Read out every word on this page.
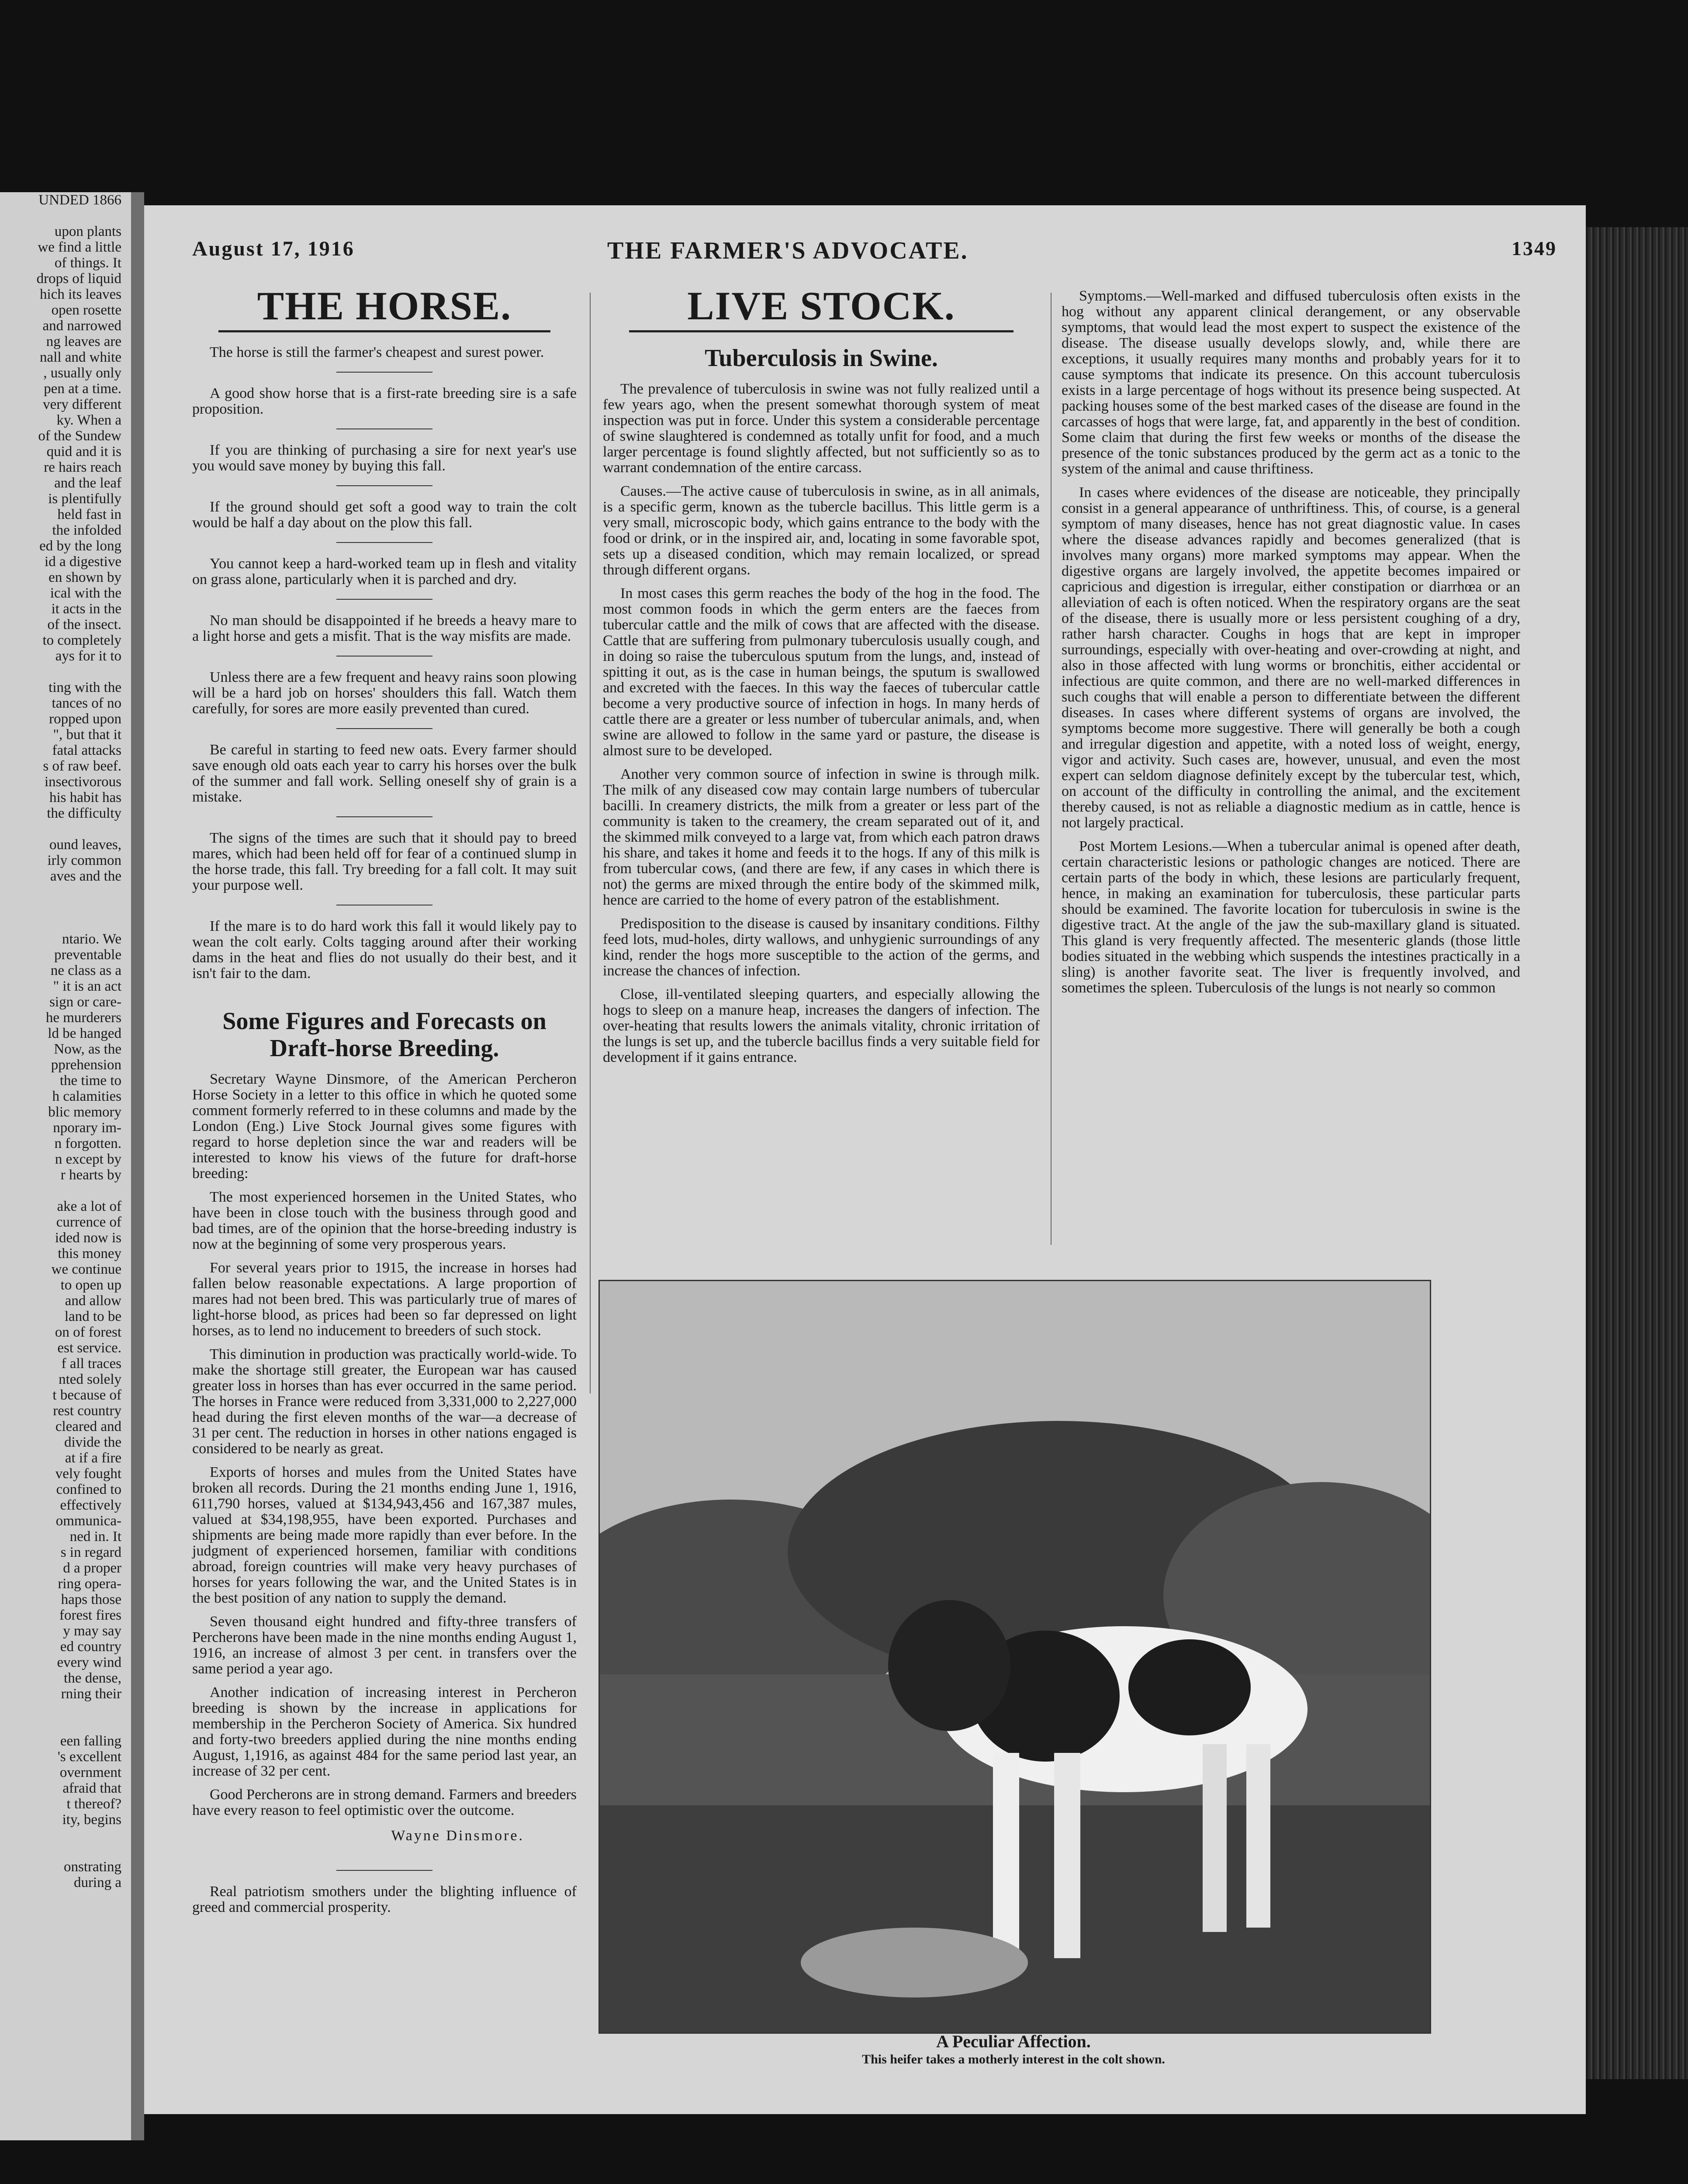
UNDED 1866

upon plants
we find a little
of things. It
drops of liquid
hich its leaves
open rosette
and narrowed
ng leaves are
nall and white
, usually only
pen at a time.
very different
ky. When a
of the Sundew
quid and it is
re hairs reach
and the leaf
is plentifully
held fast in
the infolded
ed by the long
id a digestive
en shown by
ical with the
it acts in the
of the insect.
to completely
ays for it to

ting with the
tances of no
ropped upon
", but that it
fatal attacks
s of raw beef.
insectivorous
his habit has
the difficulty

ound leaves,
irly common
aves and the

ntario. We
preventable
ne class as a
" it is an act
sign or care-
he murderers
ld be hanged
Now, as the
pprehension
the time to
h calamities
blic memory
nporary im-
n forgotten.
n except by
r hearts by

ake a lot of
currence of
ided now is
this money
we continue
to open up
and allow
land to be
on of forest
est service.
f all traces
nted solely
t because of
rest country
cleared and
divide the
at if a fire
vely fought
confined to
effectively
ommunica-
ned in. It
s in regard
d a proper
ring opera-
haps those
forest fires
y may say
ed country
every wind
the dense,
rning their

een falling
's excellent
overnment
afraid that
t thereof?
ity, begins

onstrating
during a
August 17, 1916	THE FARMER'S ADVOCATE.	1349
THE HORSE.

The horse is still the farmer's cheapest and surest power.

A good show horse that is a first-rate breeding sire is a safe proposition.

If you are thinking of purchasing a sire for next year's use you would save money by buying this fall.

If the ground should get soft a good way to train the colt would be half a day about on the plow this fall.

You cannot keep a hard-worked team up in flesh and vitality on grass alone, particularly when it is parched and dry.

No man should be disappointed if he breeds a heavy mare to a light horse and gets a misfit. That is the way misfits are made.

Unless there are a few frequent and heavy rains soon plowing will be a hard job on horses' shoulders this fall. Watch them carefully, for sores are more easily prevented than cured.

Be careful in starting to feed new oats. Every farmer should save enough old oats each year to carry his horses over the bulk of the summer and fall work. Selling oneself shy of grain is a mistake.

The signs of the times are such that it should pay to breed mares, which had been held off for fear of a continued slump in the horse trade, this fall. Try breeding for a fall colt. It may suit your purpose well.

If the mare is to do hard work this fall it would likely pay to wean the colt early. Colts tagging around after their working dams in the heat and flies do not usually do their best, and it isn't fair to the dam.

Some Figures and Forecasts on Draft-horse Breeding.

Secretary Wayne Dinsmore, of the American Percheron Horse Society in a letter to this office in which he quoted some comment formerly referred to in these columns and made by the London (Eng.) Live Stock Journal gives some figures with regard to horse depletion since the war and readers will be interested to know his views of the future for draft-horse breeding:

The most experienced horsemen in the United States, who have been in close touch with the business through good and bad times, are of the opinion that the horse-breeding industry is now at the beginning of some very prosperous years.

For several years prior to 1915, the increase in horses had fallen below reasonable expectations. A large proportion of mares had not been bred. This was particularly true of mares of light-horse blood, as prices had been so far depressed on light horses, as to lend no inducement to breeders of such stock.

This diminution in production was practically world-wide. To make the shortage still greater, the European war has caused greater loss in horses than has ever occurred in the same period. The horses in France were reduced from 3,331,000 to 2,227,000 head during the first eleven months of the war—a decrease of 31 per cent. The reduction in horses in other nations engaged is considered to be nearly as great.

Exports of horses and mules from the United States have broken all records. During the 21 months ending June 1, 1916, 611,790 horses, valued at $134,943,456 and 167,387 mules, valued at $34,198,955, have been exported. Purchases and shipments are being made more rapidly than ever before. In the judgment of experienced horsemen, familiar with conditions abroad, foreign countries will make very heavy purchases of horses for years following the war, and the United States is in the best position of any nation to supply the demand.

Seven thousand eight hundred and fifty-three transfers of Percherons have been made in the nine months ending August 1, 1916, an increase of almost 3 per cent. in transfers over the same period a year ago.

Another indication of increasing interest in Percheron breeding is shown by the increase in applications for membership in the Percheron Society of America. Six hundred and forty-two breeders applied during the nine months ending August, 1,1916, as against 484 for the same period last year, an increase of 32 per cent.

Good Percherons are in strong demand. Farmers and breeders have every reason to feel optimistic over the outcome.

Wayne Dinsmore.

Real patriotism smothers under the blighting influence of greed and commercial prosperity.

LIVE STOCK.
Tuberculosis in Swine.

The prevalence of tuberculosis in swine was not fully realized until a few years ago, when the present somewhat thorough system of meat inspection was put in force. Under this system a considerable percentage of swine slaughtered is condemned as totally unfit for food, and a much larger percentage is found slightly affected, but not sufficiently so as to warrant condemnation of the entire carcass.

Causes.—The active cause of tuberculosis in swine, as in all animals, is a specific germ, known as the tubercle bacillus. This little germ is a very small, microscopic body, which gains entrance to the body with the food or drink, or in the inspired air, and, locating in some favorable spot, sets up a diseased condition, which may remain localized, or spread through different organs.

In most cases this germ reaches the body of the hog in the food. The most common foods in which the germ enters are the faeces from tubercular cattle and the milk of cows that are affected with the disease. Cattle that are suffering from pulmonary tuberculosis usually cough, and in doing so raise the tuberculous sputum from the lungs, and, instead of spitting it out, as is the case in human beings, the sputum is swallowed and excreted with the faeces. In this way the faeces of tubercular cattle become a very productive source of infection in hogs. In many herds of cattle there are a greater or less number of tubercular animals, and, when swine are allowed to follow in the same yard or pasture, the disease is almost sure to be developed.

Another very common source of infection in swine is through milk. The milk of any diseased cow may contain large numbers of tubercular bacilli. In creamery districts, the milk from a greater or less part of the community is taken to the creamery, the cream separated out of it, and the skimmed milk conveyed to a large vat, from which each patron draws his share, and takes it home and feeds it to the hogs. If any of this milk is from tubercular cows, (and there are few, if any cases in which there is not) the germs are mixed through the entire body of the skimmed milk, hence are carried to the home of every patron of the establishment.

Predisposition to the disease is caused by insanitary conditions. Filthy feed lots, mud-holes, dirty wallows, and unhygienic surroundings of any kind, render the hogs more susceptible to the action of the germs, and increase the chances of infection.

Close, ill-ventilated sleeping quarters, and especially allowing the hogs to sleep on a manure heap, increases the dangers of infection. The over-heating that results lowers the animals vitality, chronic irritation of the lungs is set up, and the tubercle bacillus finds a very suitable field for development if it gains entrance.

Symptoms.—Well-marked and diffused tuberculosis often exists in the hog without any apparent clinical derangement, or any observable symptoms, that would lead the most expert to suspect the existence of the disease. The disease usually develops slowly, and, while there are exceptions, it usually requires many months and probably years for it to cause symptoms that indicate its presence. On this account tuberculosis exists in a large percentage of hogs without its presence being suspected. At packing houses some of the best marked cases of the disease are found in the carcasses of hogs that were large, fat, and apparently in the best of condition. Some claim that during the first few weeks or months of the disease the presence of the tonic substances produced by the germ act as a tonic to the system of the animal and cause thriftiness.

In cases where evidences of the disease are noticeable, they principally consist in a general appearance of unthriftiness. This, of course, is a general symptom of many diseases, hence has not great diagnostic value. In cases where the disease advances rapidly and becomes generalized (that is involves many organs) more marked symptoms may appear. When the digestive organs are largely involved, the appetite becomes impaired or capricious and digestion is irregular, either constipation or diarrhœa or an alleviation of each is often noticed. When the respiratory organs are the seat of the disease, there is usually more or less persistent coughing of a dry, rather harsh character. Coughs in hogs that are kept in improper surroundings, especially with over-heating and over-crowding at night, and also in those affected with lung worms or bronchitis, either accidental or infectious are quite common, and there are no well-marked differences in such coughs that will enable a person to differentiate between the different diseases. In cases where different systems of organs are involved, the symptoms become more suggestive. There will generally be both a cough and irregular digestion and appetite, with a noted loss of weight, energy, vigor and activity. Such cases are, however, unusual, and even the most expert can seldom diagnose definitely except by the tubercular test, which, on account of the difficulty in controlling the animal, and the excitement thereby caused, is not as reliable a diagnostic medium as in cattle, hence is not largely practical.

Post Mortem Lesions.—When a tubercular animal is opened after death, certain characteristic lesions or pathologic changes are noticed. There are certain parts of the body in which, these lesions are particularly frequent, hence, in making an examination for tuberculosis, these particular parts should be examined. The favorite location for tuberculosis in swine is the digestive tract. At the angle of the jaw the sub-maxillary gland is situated. This gland is very frequently affected. The mesenteric glands (those little bodies situated in the webbing which suspends the intestines practically in a sling) is another favorite seat. The liver is frequently involved, and sometimes the spleen. Tuberculosis of the lungs is not nearly so common

A Peculiar Affection.
This heifer takes a motherly interest in the colt shown.
